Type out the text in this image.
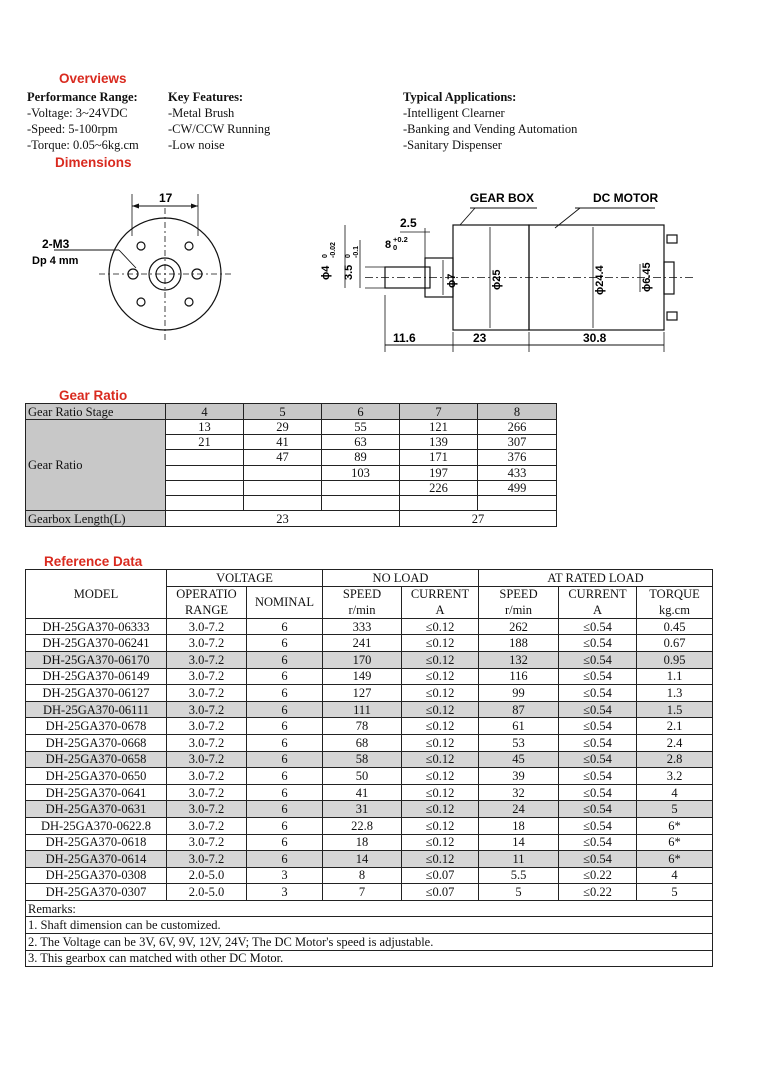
Overviews
Performance Range:
-Voltage: 3~24VDC
-Speed: 5-100rpm
-Torque: 0.05~6kg.cm
Key Features:
-Metal Brush
-CW/CCW Running
-Low noise
Typical Applications:
-Intelligent Clearner
-Banking and Vending Automation
-Sanitary Dispenser
Dimensions
17
2-M3
Dp 4 mm
GEAR BOX	DC MOTOR
2.5
8 +0.2
0
ϕ4
0 -0.02
3.5
0 -0.1
ϕ7	ϕ25	ϕ24.4	ϕ6.45
11.6	23	30.8
Gear Ratio
Gear Ratio Stage	4	5	6	7	8
Gear Ratio	13	29	55	121	266
	21	41	63	139	307
		47	89	171	376
			103	197	433
				226	499

Gearbox Length(L)	23			27	
Reference Data
MODEL	VOLTAGE		NO LOAD		AT RATED LOAD		
	OPERATIO	NOMINAL	SPEED	CURRENT	SPEED	CURRENT	TORQUE
	RANGE		r/min	A	r/min	A	kg.cm
DH-25GA370-06333	3.0-7.2	6	333	≤0.12	262	≤0.54	0.45
DH-25GA370-06241	3.0-7.2	6	241	≤0.12	188	≤0.54	0.67
DH-25GA370-06170	3.0-7.2	6	170	≤0.12	132	≤0.54	0.95
DH-25GA370-06149	3.0-7.2	6	149	≤0.12	116	≤0.54	1.1
DH-25GA370-06127	3.0-7.2	6	127	≤0.12	99	≤0.54	1.3
DH-25GA370-06111	3.0-7.2	6	111	≤0.12	87	≤0.54	1.5
DH-25GA370-0678	3.0-7.2	6	78	≤0.12	61	≤0.54	2.1
DH-25GA370-0668	3.0-7.2	6	68	≤0.12	53	≤0.54	2.4
DH-25GA370-0658	3.0-7.2	6	58	≤0.12	45	≤0.54	2.8
DH-25GA370-0650	3.0-7.2	6	50	≤0.12	39	≤0.54	3.2
DH-25GA370-0641	3.0-7.2	6	41	≤0.12	32	≤0.54	4
DH-25GA370-0631	3.0-7.2	6	31	≤0.12	24	≤0.54	5
DH-25GA370-0622.8	3.0-7.2	6	22.8	≤0.12	18	≤0.54	6*
DH-25GA370-0618	3.0-7.2	6	18	≤0.12	14	≤0.54	6*
DH-25GA370-0614	3.0-7.2	6	14	≤0.12	11	≤0.54	6*
DH-25GA370-0308	2.0-5.0	3	8	≤0.07	5.5	≤0.22	4
DH-25GA370-0307	2.0-5.0	3	7	≤0.07	5	≤0.22	5
Remarks:							
1. Shaft dimension can be customized.							
2. The Voltage can be 3V, 6V, 9V, 12V, 24V; The DC Motor's speed is adjustable.							
3. This gearbox can matched with other DC Motor.							
